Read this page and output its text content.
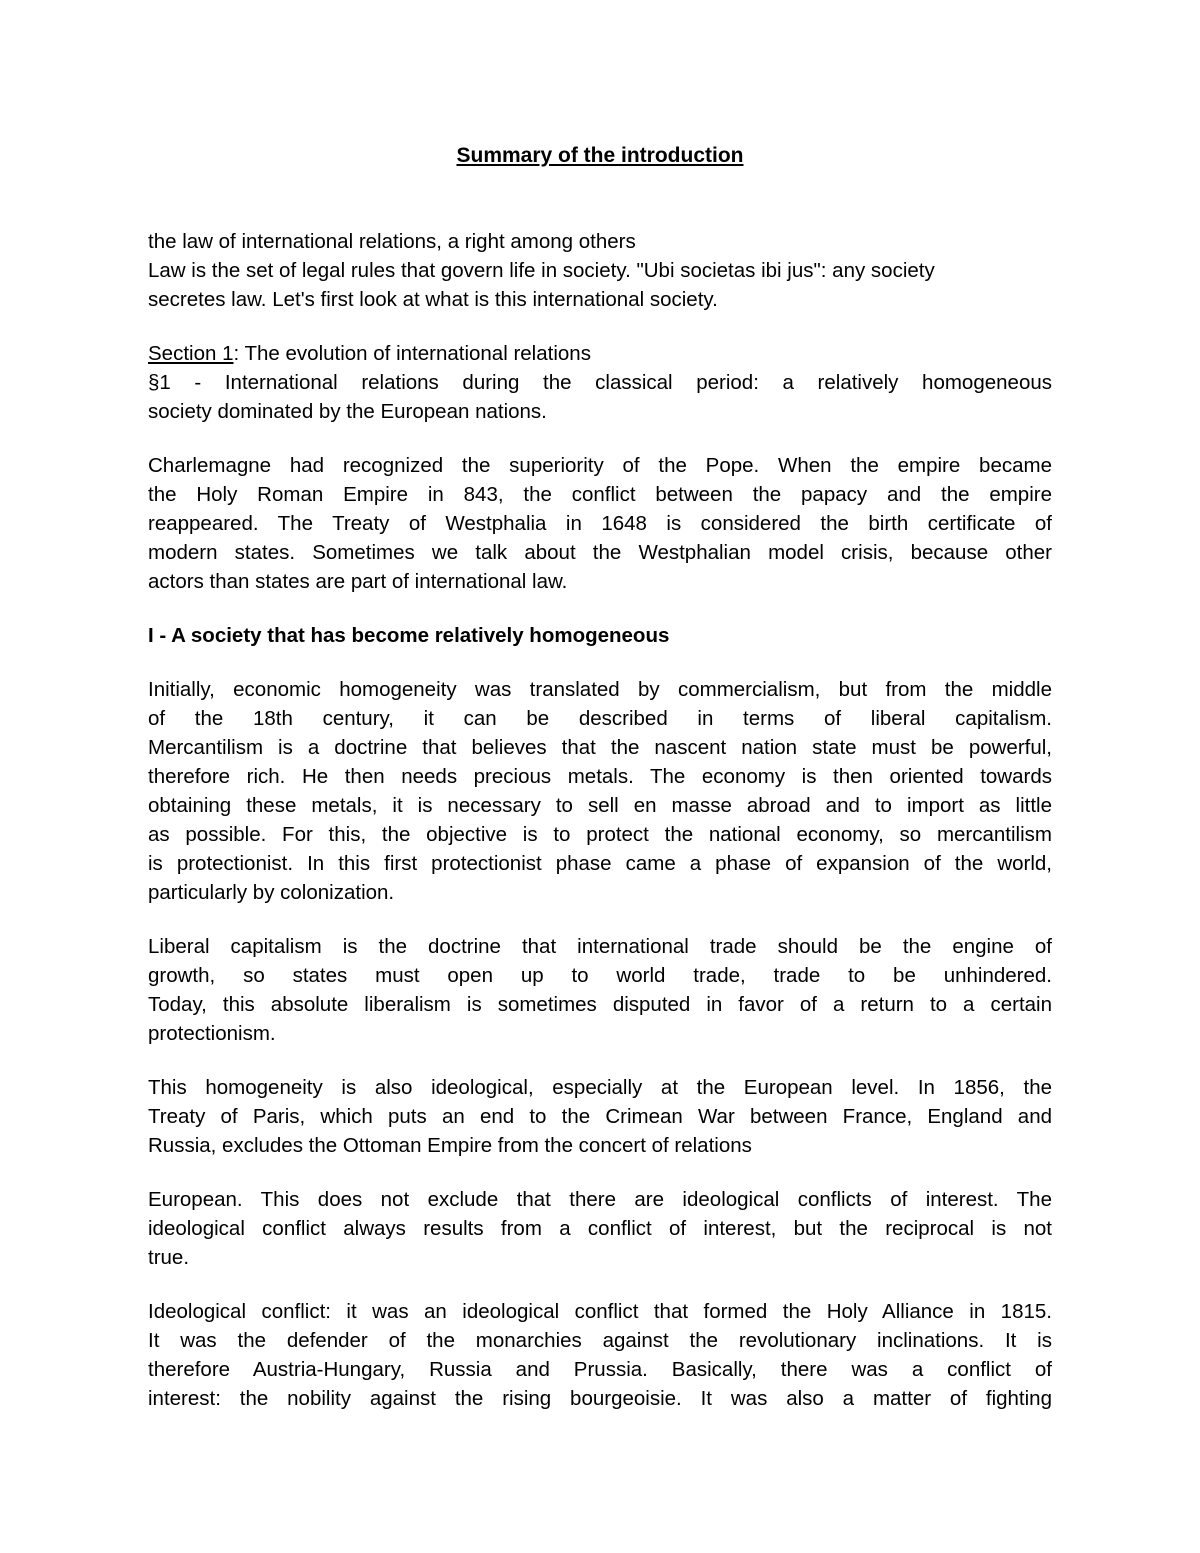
Summary of the introduction
the law of international relations, a right among others
Law is the set of legal rules that govern life in society. "Ubi societas ibi jus": any society
secretes law. Let's first look at what is this international society.
Section 1: The evolution of international relations
§1 - International relations during the classical period: a relatively homogeneous
society dominated by the European nations.
Charlemagne had recognized the superiority of the Pope. When the empire became
the Holy Roman Empire in 843, the conflict between the papacy and the empire
reappeared. The Treaty of Westphalia in 1648 is considered the birth certificate of
modern states. Sometimes we talk about the Westphalian model crisis, because other
actors than states are part of international law.
I - A society that has become relatively homogeneous
Initially, economic homogeneity was translated by commercialism, but from the middle
of the 18th century, it can be described in terms of liberal capitalism.
Mercantilism is a doctrine that believes that the nascent nation state must be powerful,
therefore rich. He then needs precious metals. The economy is then oriented towards
obtaining these metals, it is necessary to sell en masse abroad and to import as little
as possible. For this, the objective is to protect the national economy, so mercantilism
is protectionist. In this first protectionist phase came a phase of expansion of the world,
particularly by colonization.
Liberal capitalism is the doctrine that international trade should be the engine of
growth, so states must open up to world trade, trade to be unhindered.
Today, this absolute liberalism is sometimes disputed in favor of a return to a certain
protectionism.
This homogeneity is also ideological, especially at the European level. In 1856, the
Treaty of Paris, which puts an end to the Crimean War between France, England and
Russia, excludes the Ottoman Empire from the concert of relations
European. This does not exclude that there are ideological conflicts of interest. The
ideological conflict always results from a conflict of interest, but the reciprocal is not
true.
Ideological conflict: it was an ideological conflict that formed the Holy Alliance in 1815.
It was the defender of the monarchies against the revolutionary inclinations. It is
therefore Austria-Hungary, Russia and Prussia. Basically, there was a conflict of
interest: the nobility against the rising bourgeoisie. It was also a matter of fighting
